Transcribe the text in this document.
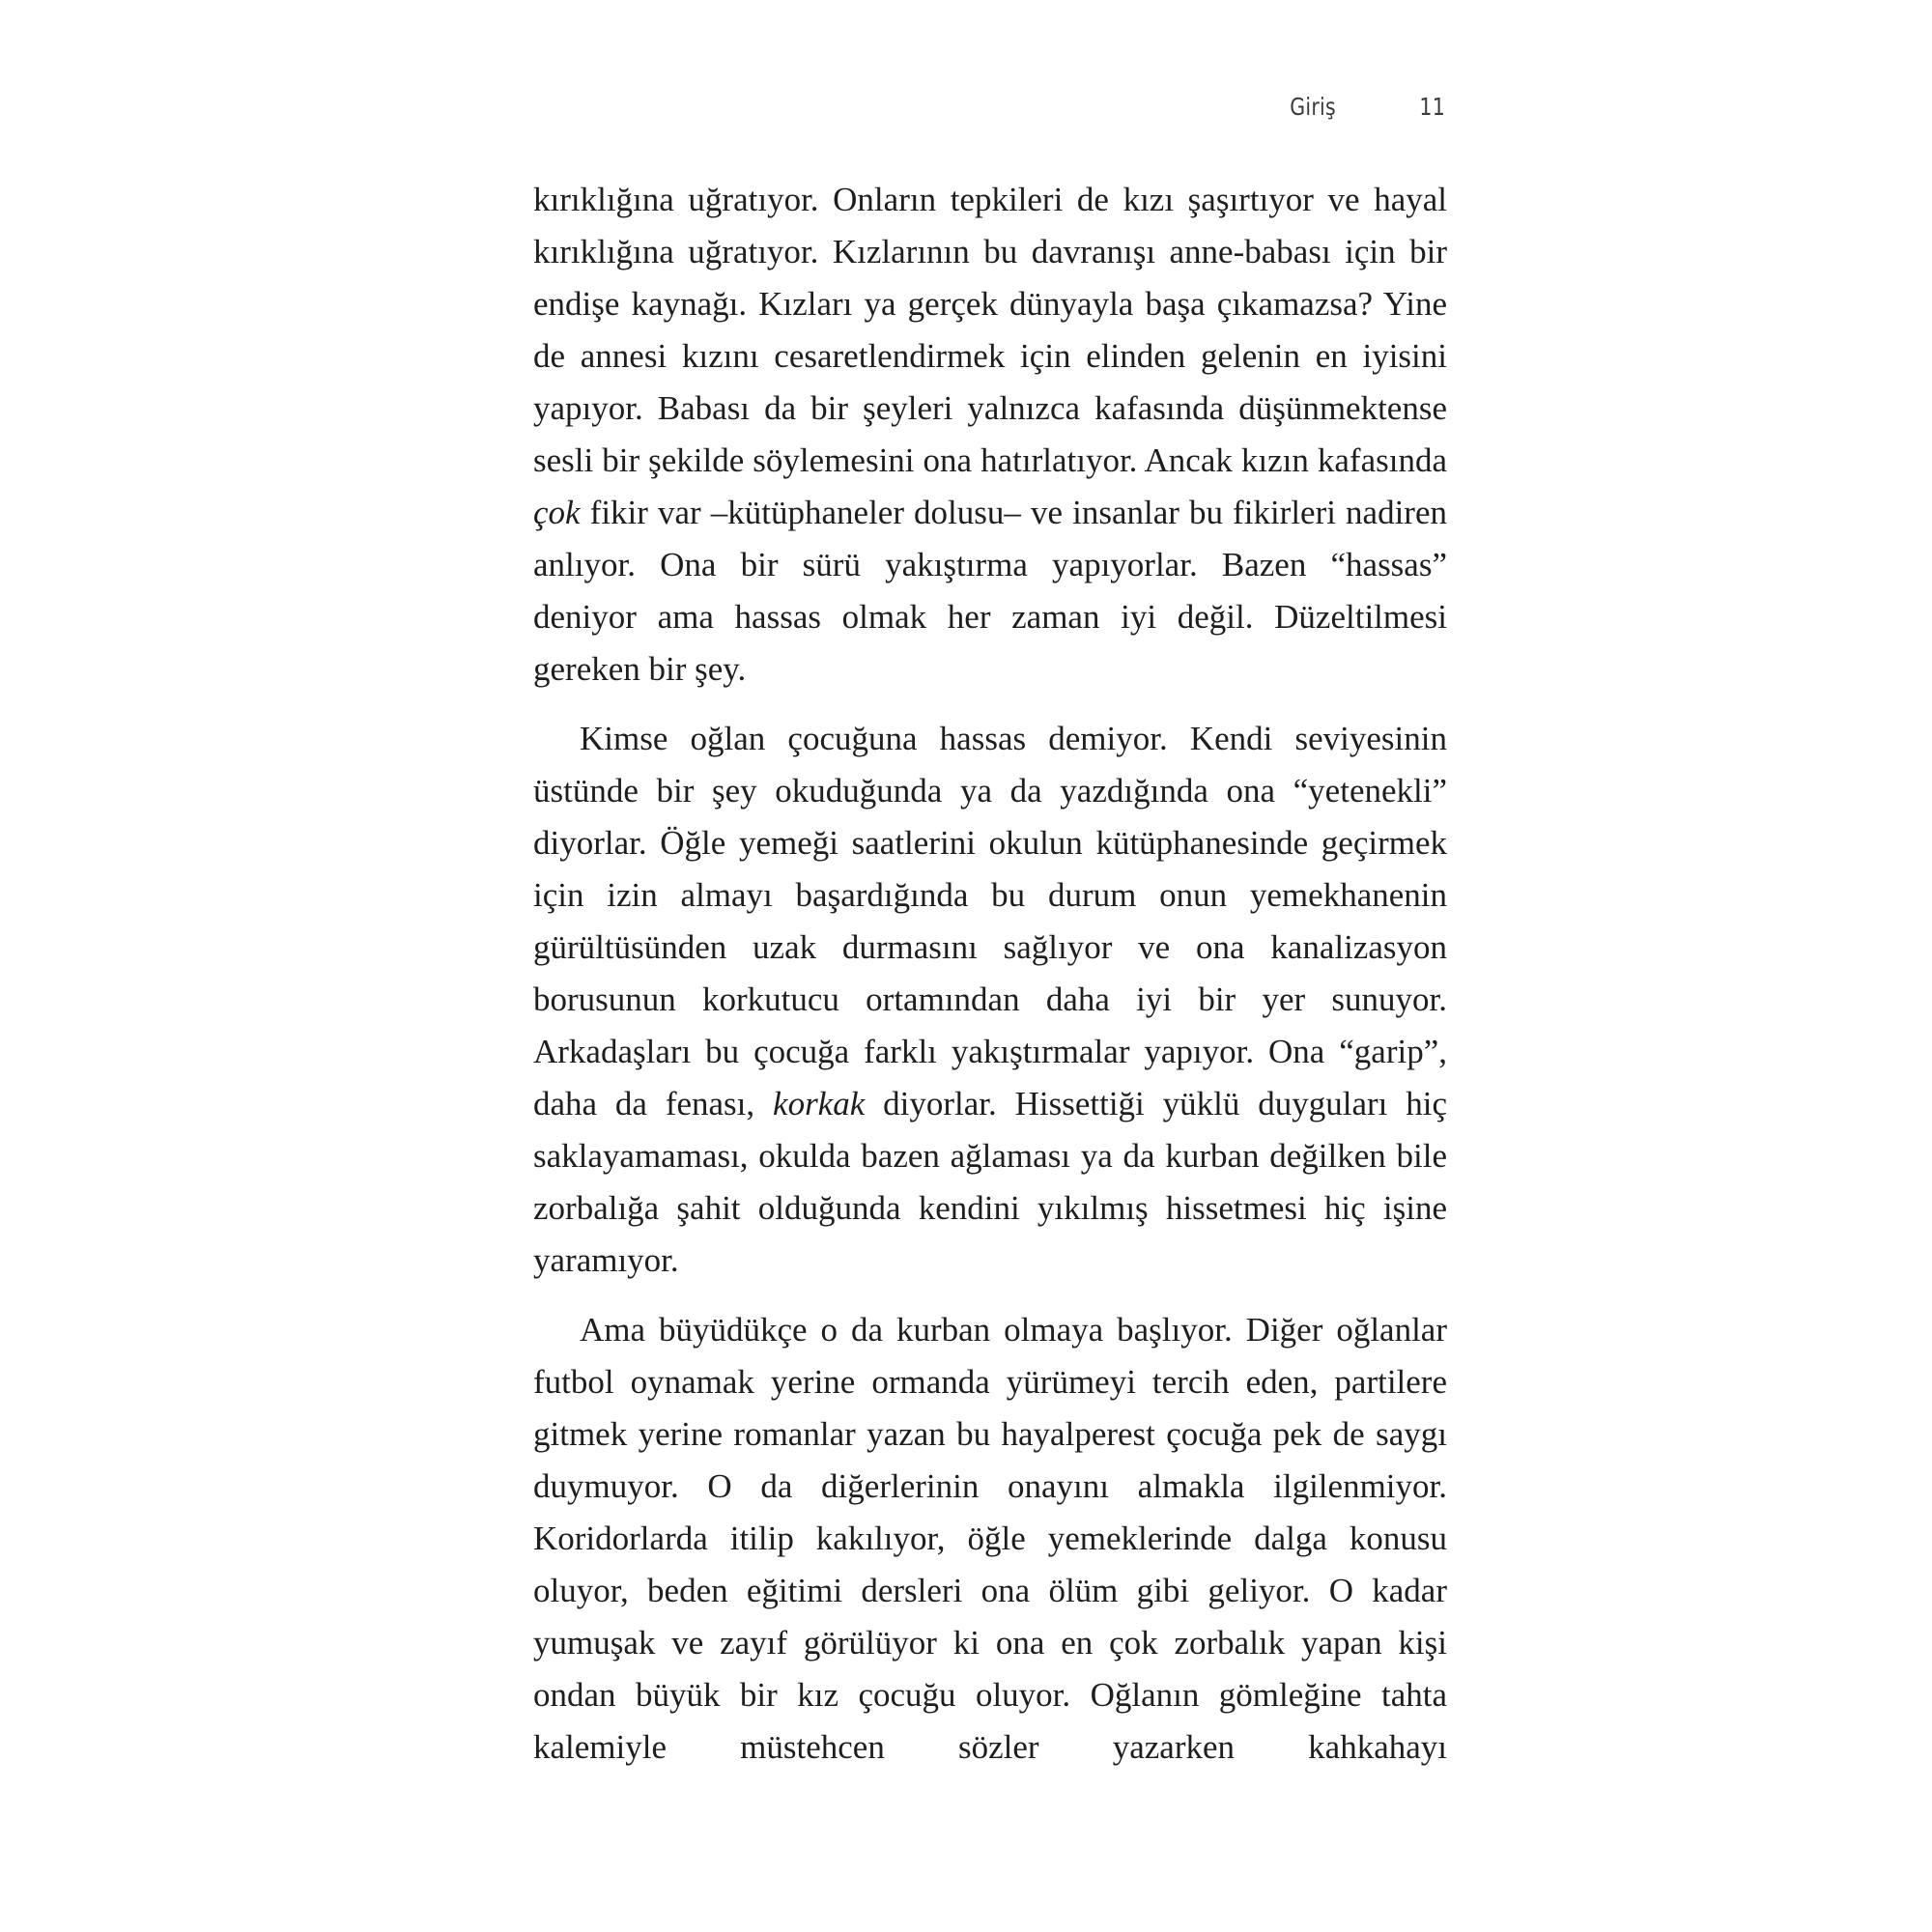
Giriş	11

kırıklığına uğratıyor. Onların tepkileri de kızı şaşırtıyor ve hayal kırıklığına uğratıyor. Kızlarının bu davranışı anne-babası için bir endişe kaynağı. Kızları ya gerçek dünyayla başa çıkamazsa? Yine de annesi kızını cesaretlendirmek için elinden gelenin en iyisini yapıyor. Babası da bir şeyleri yalnızca kafasında düşünmektense sesli bir şekilde söylemesini ona hatırlatıyor. Ancak kızın kafasında çok fikir var –kütüphaneler dolusu– ve insanlar bu fikirleri nadiren anlıyor. Ona bir sürü yakıştırma yapıyorlar. Bazen “hassas” deniyor ama hassas olmak her zaman iyi değil. Düzeltilmesi gereken bir şey.

Kimse oğlan çocuğuna hassas demiyor. Kendi seviyesinin üstünde bir şey okuduğunda ya da yazdığında ona “yetenekli” diyorlar. Öğle yemeği saatlerini okulun kütüphanesinde geçirmek için izin almayı başardığında bu durum onun yemekhanenin gürültüsünden uzak durmasını sağlıyor ve ona kanalizasyon borusunun korkutucu ortamından daha iyi bir yer sunuyor. Arkadaşları bu çocuğa farklı yakıştırmalar yapıyor. Ona “garip”, daha da fenası, korkak diyorlar. Hissettiği yüklü duyguları hiç saklayamaması, okulda bazen ağlaması ya da kurban değilken bile zorbalığa şahit olduğunda kendini yıkılmış hissetmesi hiç işine yaramıyor.

Ama büyüdükçe o da kurban olmaya başlıyor. Diğer oğlanlar futbol oynamak yerine ormanda yürümeyi tercih eden, partilere gitmek yerine romanlar yazan bu hayalperest çocuğa pek de saygı duymuyor. O da diğerlerinin onayını almakla ilgilenmiyor. Koridorlarda itilip kakılıyor, öğle yemeklerinde dalga konusu oluyor, beden eğitimi dersleri ona ölüm gibi geliyor. O kadar yumuşak ve zayıf görülüyor ki ona en çok zorbalık yapan kişi ondan büyük bir kız çocuğu oluyor. Oğlanın gömleğine tahta kalemiyle müstehcen sözler yazarken kahkahayı
